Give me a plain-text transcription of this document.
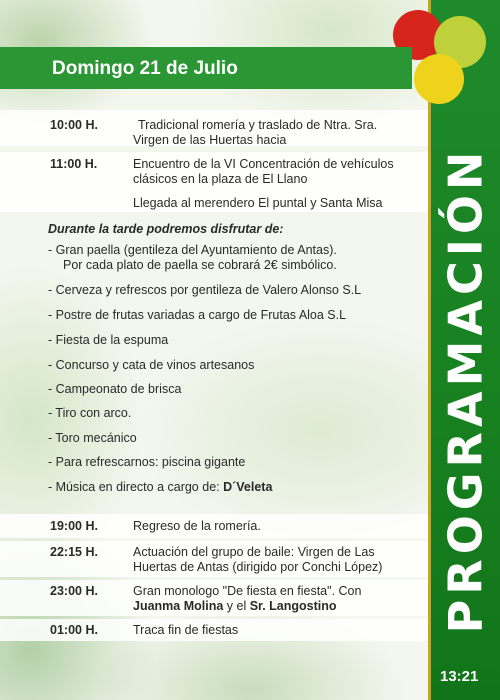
PROGRAMACIÓN
13:21
Domingo 21 de Julio
10:00 H.	Tradicional romería y traslado de Ntra. Sra.
Virgen de las Huertas hacia
11:00 H.	Encuentro de la VI Concentración de vehículos
clásicos en la plaza de El Llano
Llegada al merendero El puntal y Santa Misa
Durante la tarde podremos disfrutar de:
- Gran paella (gentileza del Ayuntamiento de Antas).
Por cada plato de paella se cobrará 2€ simbólico.
- Cerveza y refrescos por gentileza de Valero Alonso S.L
- Postre de frutas variadas a cargo de Frutas Aloa S.L
- Fiesta de la espuma
- Concurso y cata de vinos artesanos
- Campeonato de brisca
- Tiro con arco.
- Toro mecánico
- Para refrescarnos: piscina gigante
- Música en directo a cargo de: D´Veleta
19:00 H.	Regreso de la romería.
22:15 H.	Actuación del grupo de baile: Virgen de Las
Huertas de Antas (dirigido por Conchi López)
23:00 H.	Gran monologo "De fiesta en fiesta". Con
Juanma Molina y el Sr. Langostino
01:00 H.	Traca fin de fiestas
